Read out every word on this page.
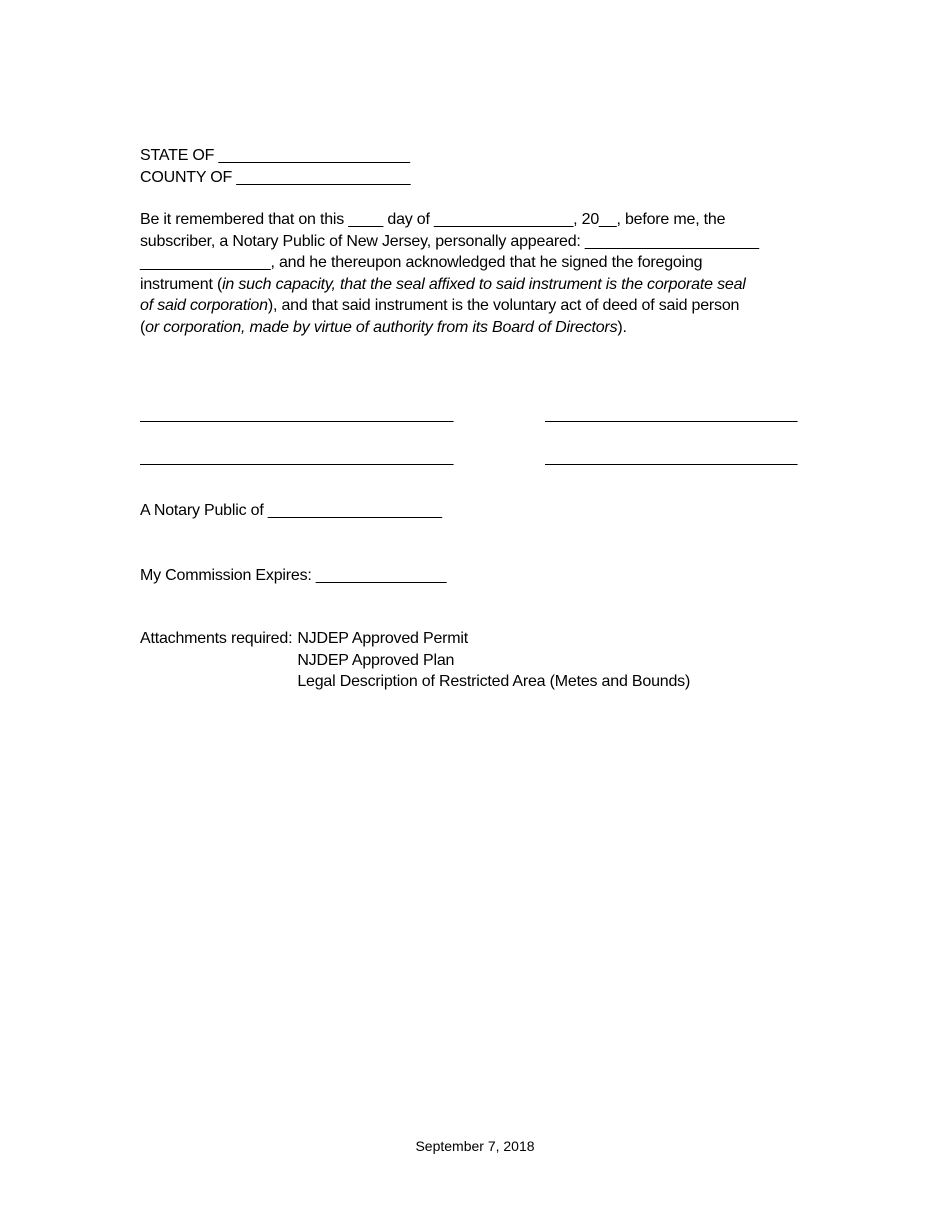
STATE OF ______________________
COUNTY OF ____________________
Be it remembered that on this ____ day of ________________, 20__, before me, the
subscriber, a Notary Public of New Jersey, personally appeared: ____________________
_______________, and he thereupon acknowledged that he signed the foregoing
instrument (in such capacity, that the seal affixed to said instrument is the corporate seal
of said corporation), and that said instrument is the voluntary act of deed of said person
(or corporation, made by virtue of authority from its Board of Directors).
____________________________________	_____________________________
____________________________________	_____________________________
A Notary Public of ____________________
My Commission Expires: _______________
Attachments required: NJDEP Approved Permit
NJDEP Approved Plan
Legal Description of Restricted Area (Metes and Bounds)
September 7, 2018
